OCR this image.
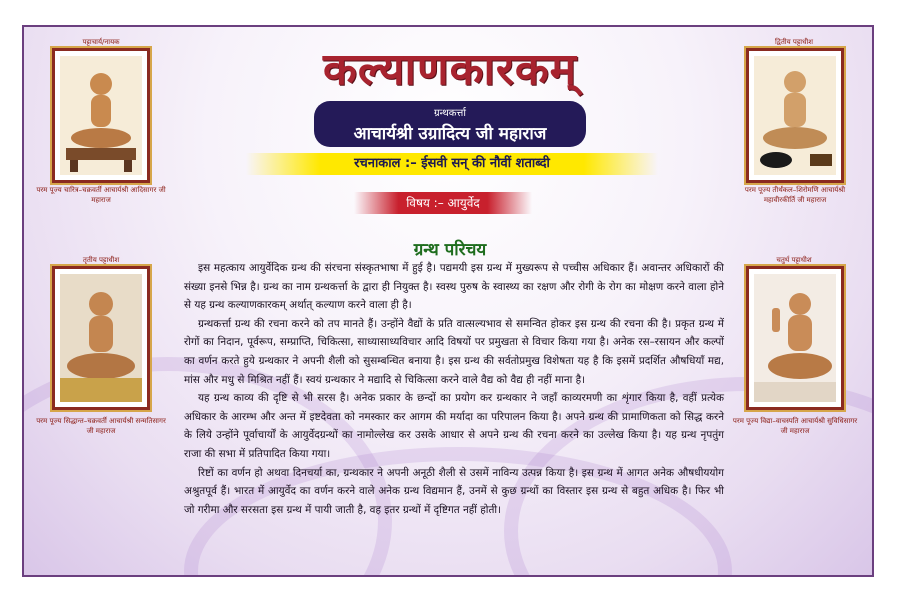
कल्याणकारकम्
ग्रन्थकर्त्ता
आचार्यश्री उग्रादित्य जी महाराज
रचनाकाल :– ईसवी सन् की नौवीं शताब्दी
विषय :– आयुर्वेद
ग्रन्थ परिचय

इस महत्काय आयुर्वेदिक ग्रन्थ की संरचना संस्कृतभाषा में हुई है। पद्यमयी इस ग्रन्थ में मुख्यरूप से पच्चीस अधिकार हैं। अवान्तर अधिकारों की संख्या इनसे भिन्न है। ग्रन्थ का नाम ग्रन्थकर्त्ता के द्वारा ही नियुक्त है। स्वस्थ पुरुष के स्वास्थ्य का रक्षण और रोगी के रोग का मोक्षण करने वाला होने से यह ग्रन्थ कल्याणकारकम् अर्थात् कल्याण करने वाला ही है।

ग्रन्थकर्त्ता ग्रन्थ की रचना करने को तप मानते हैं। उन्होंने वैद्यों के प्रति वात्सल्यभाव से समन्वित होकर इस ग्रन्थ की रचना की है। प्रकृत ग्रन्थ में रोगों का निदान, पूर्वरूप, सम्प्राप्ति, चिकित्सा, साध्यासाध्यविचार आदि विषयों पर प्रमुखता से विचार किया गया है। अनेक रस–रसायन और कल्पों का वर्णन करते हुये ग्रन्थकार ने अपनी शैली को सुसम्बन्धित बनाया है। इस ग्रन्थ की सर्वतोप्रमुख विशेषता यह है कि इसमें प्रदर्शित औषधियाँ मद्य, मांस और मधु से मिश्रित नहीं हैं। स्वयं ग्रन्थकार ने मद्यादि से चिकित्सा करने वाले वैद्य को वैद्य ही नहीं माना है।

यह ग्रन्थ काव्य की दृष्टि से भी सरस है। अनेक प्रकार के छन्दों का प्रयोग कर ग्रन्थकार ने जहाँ काव्यरमणी का शृंगार किया है, वहीं प्रत्येक अधिकार के आरम्भ और अन्त में इष्टदेवता को नमस्कार कर आगम की मर्यादा का परिपालन किया है। अपने ग्रन्थ की प्रामाणिकता को सिद्ध करने के लिये उन्होंने पूर्वाचार्यों के आयुर्वेदग्रन्थों का नामोल्लेख कर उसके आधार से अपने ग्रन्थ की रचना करने का उल्लेख किया है। यह ग्रन्थ नृपतुंग राजा की सभा में प्रतिपादित किया गया।

रिष्टों का वर्णन हो अथवा दिनचर्या का, ग्रन्थकार ने अपनी अनूठी शैली से उसमें नाविन्य उत्पन्न किया है। इस ग्रन्थ में आगत अनेक औषधीययोग अश्रुतपूर्व हैं। भारत में आयुर्वेद का वर्णन करने वाले अनेक ग्रन्थ विद्यमान हैं, उनमें से कुछ ग्रन्थों का विस्तार इस ग्रन्थ से बहुत अधिक है। फिर भी जो गरीमा और सरसता इस ग्रन्थ में पायी जाती है, वह इतर ग्रन्थों में दृष्टिगत नहीं होती।

पट्टाचार्य/नायक
परम पूज्य चारित्र–चक्रवर्ती आचार्यश्री आदिसागर जी महाराज
द्वितीय पट्टाधीश
परम पूज्य तीर्थंकल–शिरोमणि आचार्यश्री महावीरकीर्ति जी महाराज
तृतीय पट्टाधीश
परम पूज्य सिद्धान्त–चक्रवर्ती आचार्यश्री सन्मतिसागर जी महाराज
चतुर्थ पट्टाधीश
परम पूज्य विद्या–वाचस्पति आचार्यश्री सुविधिसागर जी महाराज
